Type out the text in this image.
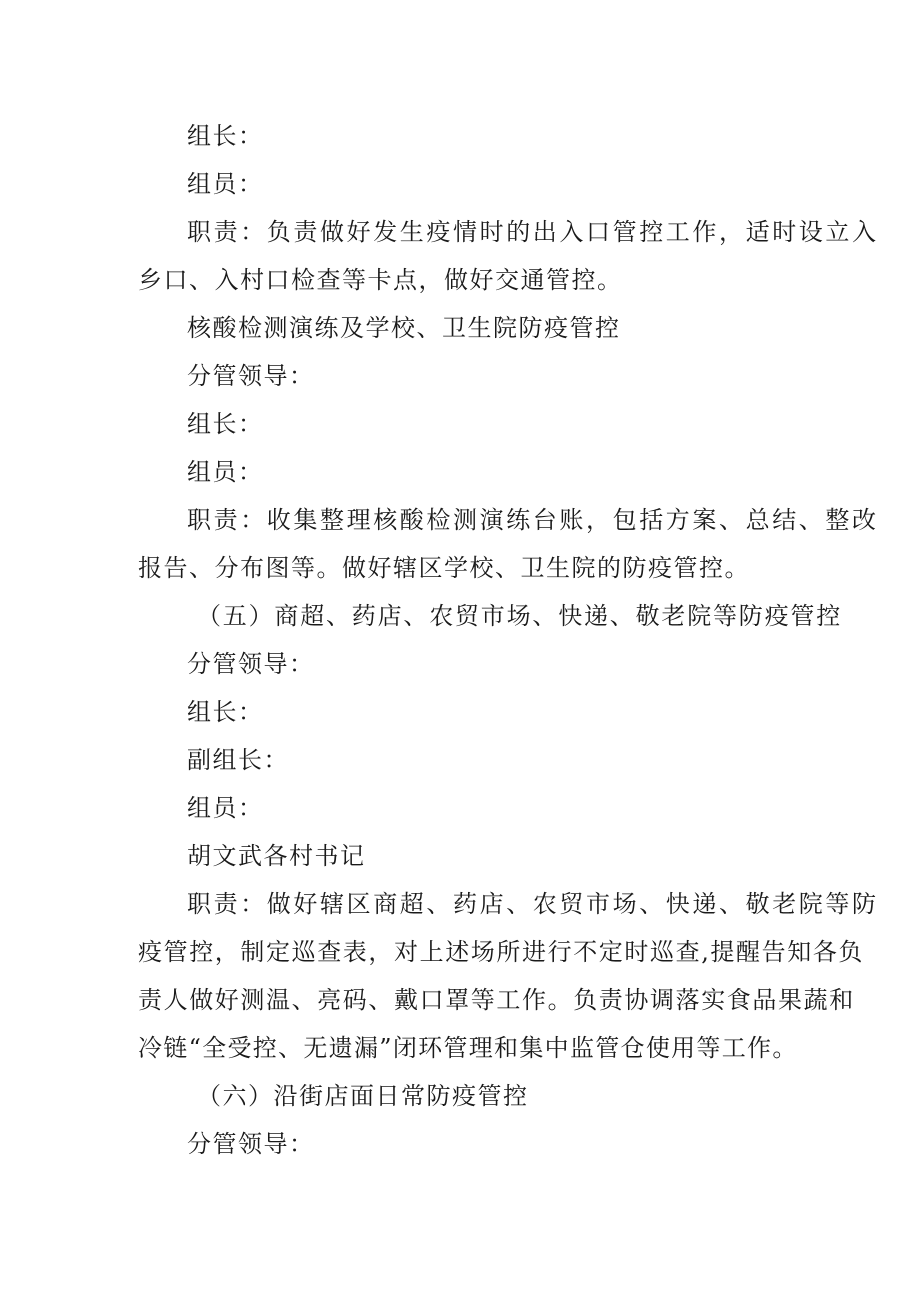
组长：
组员：
职责：负责做好发生疫情时的出入口管控工作，适时设立入
乡口、入村口检查等卡点，做好交通管控。
核酸检测演练及学校、卫生院防疫管控
分管领导：
组长：
组员：
职责：收集整理核酸检测演练台账，包括方案、总结、整改
报告、分布图等。做好辖区学校、卫生院的防疫管控。
（五）商超、药店、农贸市场、快递、敬老院等防疫管控
分管领导：
组长：
副组长：
组员：
胡文武各村书记
职责：做好辖区商超、药店、农贸市场、快递、敬老院等防
疫管控，制定巡查表，对上述场所进行不定时巡查,提醒告知各负
责人做好测温、亮码、戴口罩等工作。负责协调落实食品果蔬和
冷链“全受控、无遗漏”闭环管理和集中监管仓使用等工作。
（六）沿街店面日常防疫管控
分管领导：
